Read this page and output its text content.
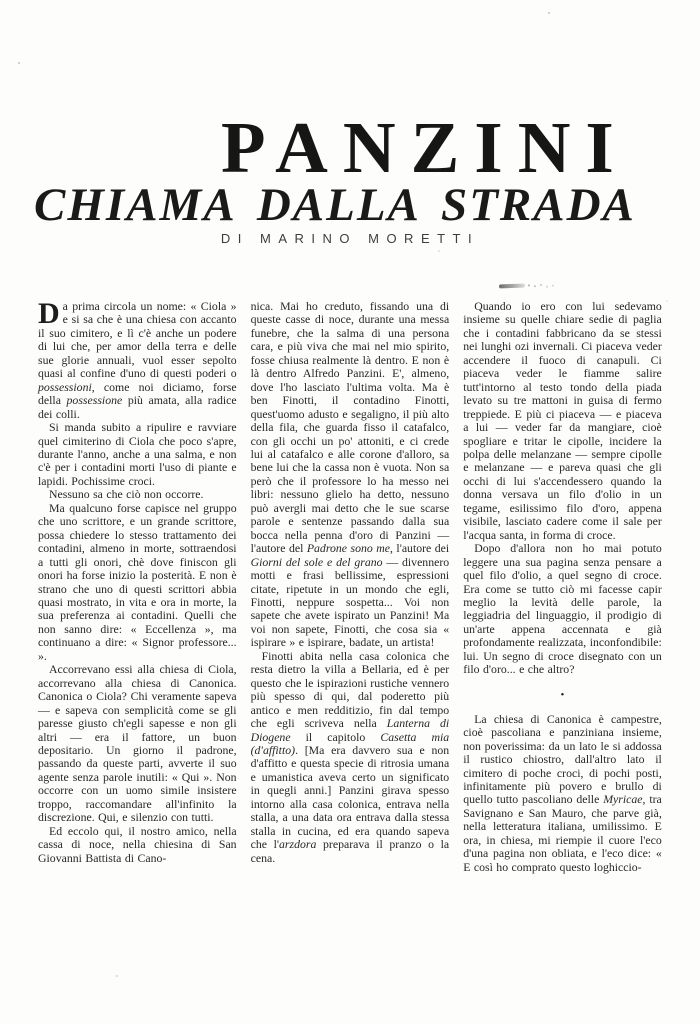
PANZINI
CHIAMA DALLA STRADA
DI MARINO MORETTI

Da prima circola un nome: « Ciola » e si sa che è una chiesa con accanto il suo cimitero, e lì c'è anche un podere di lui che, per amor della terra e delle sue glorie annuali, vuol esser sepolto quasi al confine d'uno di questi poderi o possessioni, come noi diciamo, forse della possessione più amata, alla radice dei colli.

Si manda subito a ripulire e ravviare quel cimiterino di Ciola che poco s'apre, durante l'anno, anche a una salma, e non c'è per i contadini morti l'uso di piante e lapidi. Pochissime croci.

Nessuno sa che ciò non occorre.

Ma qualcuno forse capisce nel gruppo che uno scrittore, e un grande scrittore, possa chiedere lo stesso trattamento dei contadini, almeno in morte, sottraendosi a tutti gli onori, chè dove finiscon gli onori ha forse inizio la posterità. E non è strano che uno di questi scrittori abbia quasi mostrato, in vita e ora in morte, la sua preferenza ai contadini. Quelli che non sanno dire: « Eccellenza », ma continuano a dire: « Signor professore... ».

Accorrevano essi alla chiesa di Ciola, accorrevano alla chiesa di Canonica. Canonica o Ciola? Chi veramente sapeva — e sapeva con semplicità come se gli paresse giusto ch'egli sapesse e non gli altri — era il fattore, un buon depositario. Un giorno il padrone, passando da queste parti, avverte il suo agente senza parole inutili: « Qui ». Non occorre con un uomo simile insistere troppo, raccomandare all'infinito la discrezione. Qui, e silenzio con tutti.

Ed eccolo qui, il nostro amico, nella cassa di noce, nella chiesina di San Giovanni Battista di Cano-

nica. Mai ho creduto, fissando una di queste casse di noce, durante una messa funebre, che la salma di una persona cara, e più viva che mai nel mio spirito, fosse chiusa realmente là dentro. E non è là dentro Alfredo Panzini. E', almeno, dove l'ho lasciato l'ultima volta. Ma è ben Finotti, il contadino Finotti, quest'uomo adusto e segaligno, il più alto della fila, che guarda fisso il catafalco, con gli occhi un po' attoniti, e ci crede lui al catafalco e alle corone d'alloro, sa bene lui che la cassa non è vuota. Non sa però che il professore lo ha messo nei libri: nessuno glielo ha detto, nessuno può avergli mai detto che le sue scarse parole e sentenze passando dalla sua bocca nella penna d'oro di Panzini — l'autore del Padrone sono me, l'autore dei Giorni del sole e del grano — divennero motti e frasi bellissime, espressioni citate, ripetute in un mondo che egli, Finotti, neppure sospetta... Voi non sapete che avete ispirato un Panzini! Ma voi non sapete, Finotti, che cosa sia « ispirare » e ispirare, badate, un artista!

Finotti abita nella casa colonica che resta dietro la villa a Bellaria, ed è per questo che le ispirazioni rustiche vennero più spesso di qui, dal poderetto più antico e men redditizio, fin dal tempo che egli scriveva nella Lanterna di Diogene il capitolo Casetta mia (d'affitto). [Ma era davvero sua e non d'affitto e questa specie di ritrosia umana e umanistica aveva certo un significato in quegli anni.] Panzini girava spesso intorno alla casa colonica, entrava nella stalla, a una data ora entrava dalla stessa stalla in cucina, ed era quando sapeva che l'arzdora preparava il pranzo o la cena.

Quando io ero con lui sedevamo insieme su quelle chiare sedie di paglia che i contadini fabbricano da se stessi nei lunghi ozi invernali. Ci piaceva veder accendere il fuoco di canapuli. Ci piaceva veder le fiamme salire tutt'intorno al testo tondo della piada levato su tre mattoni in guisa di fermo treppiede. E più ci piaceva — e piaceva a lui — veder far da mangiare, cioè spogliare e tritar le cipolle, incidere la polpa delle melanzane — sempre cipolle e melanzane — e pareva quasi che gli occhi di lui s'accendessero quando la donna versava un filo d'olio in un tegame, esilissimo filo d'oro, appena visibile, lasciato cadere come il sale per l'acqua santa, in forma di croce.

Dopo d'allora non ho mai potuto leggere una sua pagina senza pensare a quel filo d'olio, a quel segno di croce. Era come se tutto ciò mi facesse capir meglio la levità delle parole, la leggiadria del linguaggio, il prodigio di un'arte appena accennata e già profondamente realizzata, inconfondibile: lui. Un segno di croce disegnato con un filo d'oro... e che altro?

•

La chiesa di Canonica è campestre, cioè pascoliana e panziniana insieme, non poverissima: da un lato le si addossa il rustico chiostro, dall'altro lato il cimitero di poche croci, di pochi posti, infinitamente più povero e brullo di quello tutto pascoliano delle Myricae, tra Savignano e San Mauro, che parve già, nella letteratura italiana, umilissimo. E ora, in chiesa, mi riempie il cuore l'eco d'una pagina non obliata, e l'eco dice: « E così ho comprato questo loghiccio-
